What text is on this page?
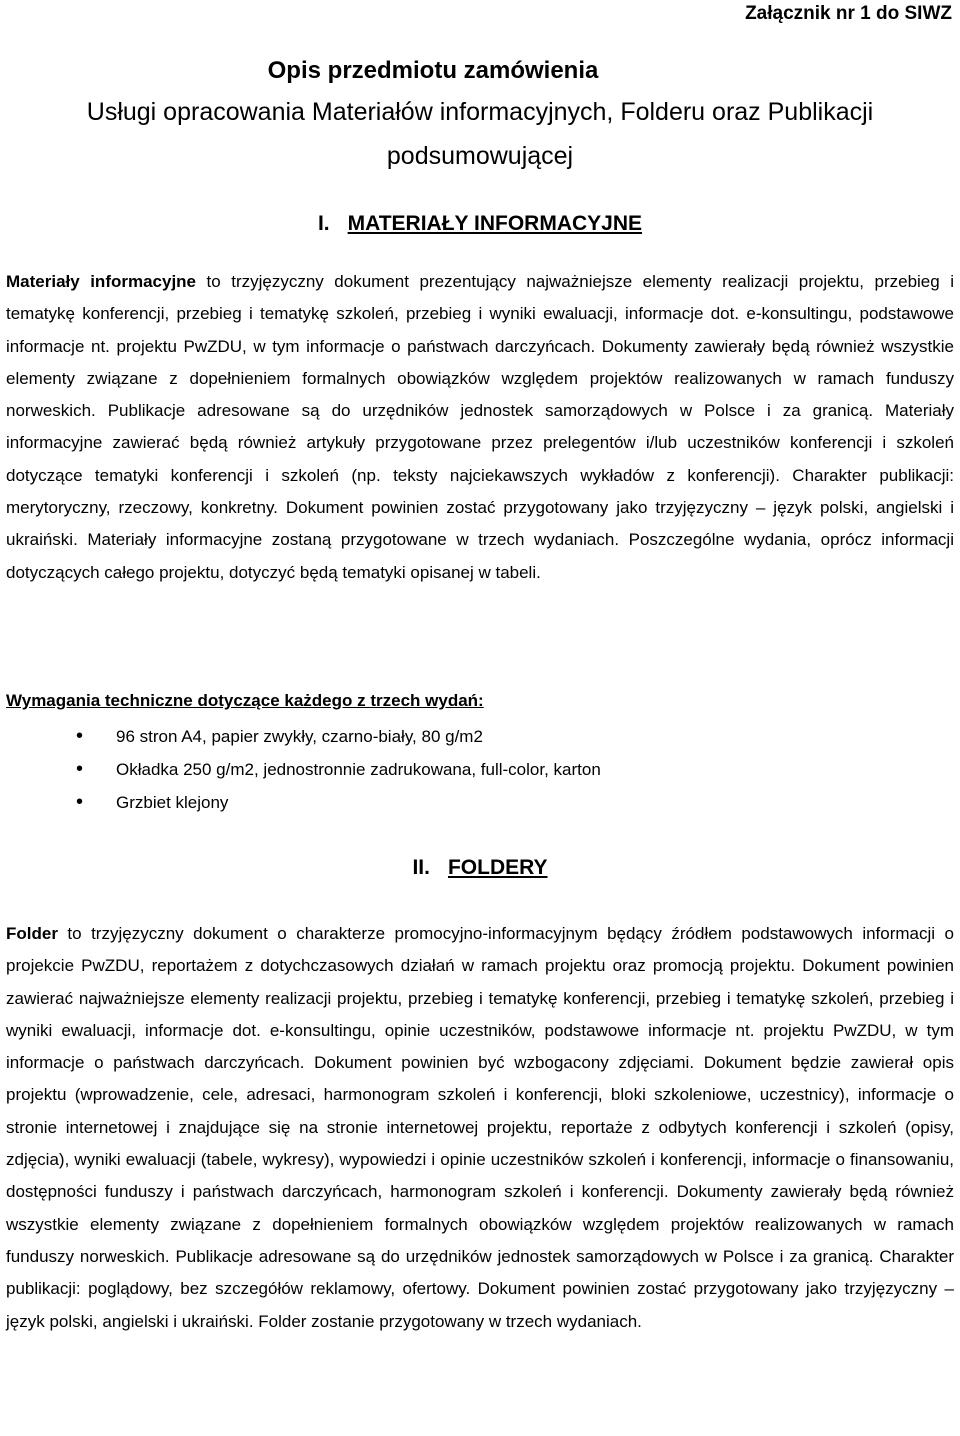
Załącznik nr 1 do SIWZ
Opis przedmiotu zamówienia
Usługi opracowania Materiałów informacyjnych, Folderu oraz Publikacji podsumowującej
I. MATERIAŁY INFORMACYJNE

Materiały informacyjne to trzyjęzyczny dokument prezentujący najważniejsze elementy realizacji projektu, przebieg i tematykę konferencji, przebieg i tematykę szkoleń, przebieg i wyniki ewaluacji, informacje dot. e-konsultingu, podstawowe informacje nt. projektu PwZDU, w tym informacje o państwach darczyńcach. Dokumenty zawierały będą również wszystkie elementy związane z dopełnieniem formalnych obowiązków względem projektów realizowanych w ramach funduszy norweskich. Publikacje adresowane są do urzędników jednostek samorządowych w Polsce i za granicą. Materiały informacyjne zawierać będą również artykuły przygotowane przez prelegentów i/lub uczestników konferencji i szkoleń dotyczące tematyki konferencji i szkoleń (np. teksty najciekawszych wykładów z konferencji). Charakter publikacji: merytoryczny, rzeczowy, konkretny. Dokument powinien zostać przygotowany jako trzyjęzyczny – język polski, angielski i ukraiński. Materiały informacyjne zostaną przygotowane w trzech wydaniach. Poszczególne wydania, oprócz informacji dotyczących całego projektu, dotyczyć będą tematyki opisanej w tabeli.

Wymagania techniczne dotyczące każdego z trzech wydań:

• 96 stron A4, papier zwykły, czarno-biały, 80 g/m2
• Okładka 250 g/m2, jednostronnie zadrukowana, full-color, karton
• Grzbiet klejony
II. FOLDERY

Folder to trzyjęzyczny dokument o charakterze promocyjno-informacyjnym będący źródłem podstawowych informacji o projekcie PwZDU, reportażem z dotychczasowych działań w ramach projektu oraz promocją projektu. Dokument powinien zawierać najważniejsze elementy realizacji projektu, przebieg i tematykę konferencji, przebieg i tematykę szkoleń, przebieg i wyniki ewaluacji, informacje dot. e-konsultingu, opinie uczestników, podstawowe informacje nt. projektu PwZDU, w tym informacje o państwach darczyńcach. Dokument powinien być wzbogacony zdjęciami. Dokument będzie zawierał opis projektu (wprowadzenie, cele, adresaci, harmonogram szkoleń i konferencji, bloki szkoleniowe, uczestnicy), informacje o stronie internetowej i znajdujące się na stronie internetowej projektu, reportaże z odbytych konferencji i szkoleń (opisy, zdjęcia), wyniki ewaluacji (tabele, wykresy), wypowiedzi i opinie uczestników szkoleń i konferencji, informacje o finansowaniu, dostępności funduszy i państwach darczyńcach, harmonogram szkoleń i konferencji. Dokumenty zawierały będą również wszystkie elementy związane z dopełnieniem formalnych obowiązków względem projektów realizowanych w ramach funduszy norweskich. Publikacje adresowane są do urzędników jednostek samorządowych w Polsce i za granicą. Charakter publikacji: poglądowy, bez szczegółów reklamowy, ofertowy. Dokument powinien zostać przygotowany jako trzyjęzyczny – język polski, angielski i ukraiński. Folder zostanie przygotowany w trzech wydaniach.
